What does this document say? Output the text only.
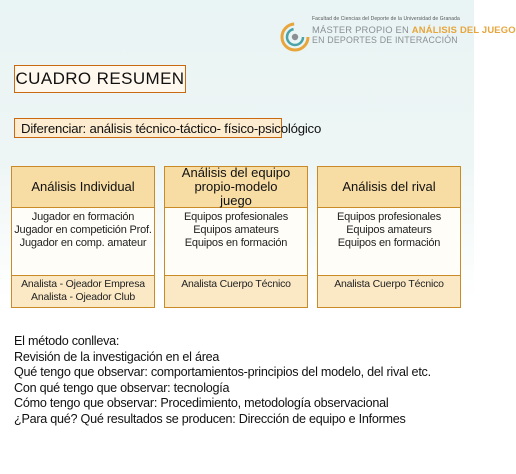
Facultad de Ciencias del Deporte de la Universidad de Granada
MÁSTER PROPIO EN ANÁLISIS DEL JUEGO
EN DEPORTES DE INTERACCIÓN
CUADRO RESUMEN
Diferenciar: análisis técnico-táctico- físico-psicológico
Análisis Individual
Jugador en formación
Jugador en competición Prof.
Jugador en comp. amateur
Analista - Ojeador Empresa
Analista - Ojeador Club
Análisis del equipo propio-modelo juego
Equipos profesionales
Equipos amateurs
Equipos en formación
Analista Cuerpo Técnico
Análisis del rival
Equipos profesionales
Equipos amateurs
Equipos en formación
Analista Cuerpo Técnico
El método conlleva:
Revisión de la investigación en el área
Qué tengo que observar: comportamientos-principios del modelo, del rival etc.
Con qué tengo que observar: tecnología
Cómo tengo que observar: Procedimiento, metodología observacional
¿Para qué? Qué resultados se producen: Dirección de equipo e Informes
